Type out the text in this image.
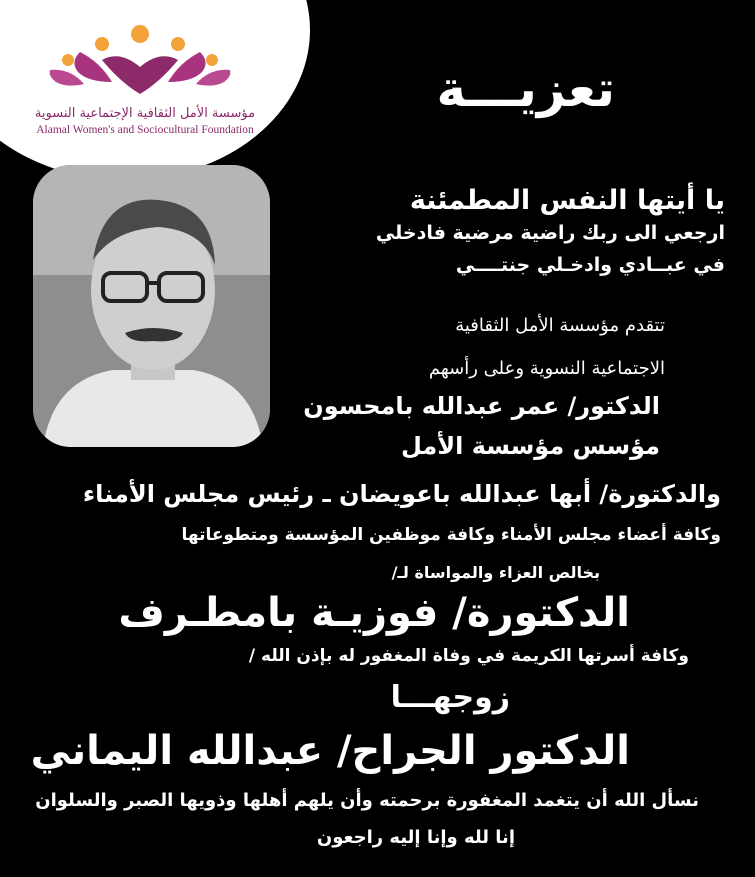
مؤسسة الأمل الثقافية الإجتماعية النسوية
Alamal Women's and Sociocultural Foundation
تعزيـــة
يا أيتها النفس المطمئنة
ارجعي الى ربك راضية مرضية فادخلي
في عبــادي وادخـلي جنتــــي
تتقدم مؤسسة الأمل الثقافية
الاجتماعية النسوية وعلى رأسهم
الدكتور/ عمر عبدالله بامحسون
مؤسس مؤسسة الأمل
والدكتورة/ أبها عبدالله باعويضان ـ رئيس مجلس الأمناء
وكافة أعضاء مجلس الأمناء وكافة موظفين المؤسسة ومتطوعاتها
بخالص العزاء والمواساة لـ/
الدكتورة/ فوزيـة بامطـرف
وكافة أسرتها الكريمة في وفاة المغفور له بإذن الله /
زوجهـــا
الدكتور الجراح/ عبدالله اليماني
نسأل الله أن يتغمد المغفورة برحمته وأن يلهم أهلها وذويها الصبر والسلوان
إنا لله وإنا إليه راجعون
